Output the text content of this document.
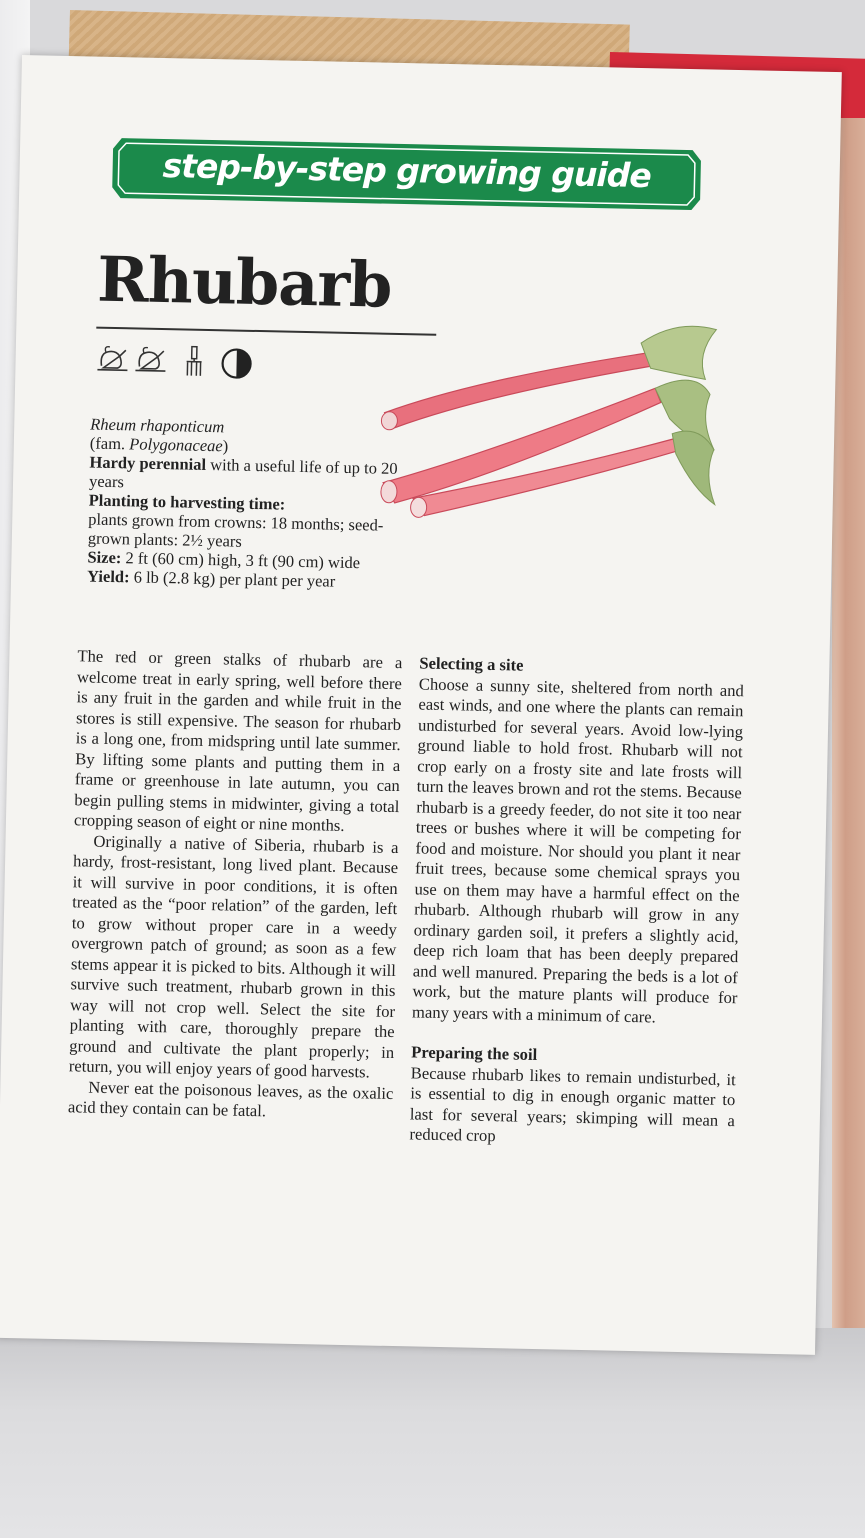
step-by-step growing guide
Rhubarb
Rheum rhaponticum
(fam. Polygonaceae)
Hardy perennial with a useful life of up to 20 years
Planting to harvesting time:
plants grown from crowns: 18 months; seed-grown plants: 2½ years
Size: 2 ft (60 cm) high, 3 ft (90 cm) wide
Yield: 6 lb (2.8 kg) per plant per year

The red or green stalks of rhubarb are a welcome treat in early spring, well before there is any fruit in the garden and while fruit in the stores is still expensive. The season for rhubarb is a long one, from midspring until late summer. By lifting some plants and putting them in a frame or greenhouse in late autumn, you can begin pulling stems in midwinter, giving a total cropping season of eight or nine months.

Originally a native of Siberia, rhubarb is a hardy, frost-resistant, long lived plant. Because it will survive in poor conditions, it is often treated as the “poor relation” of the garden, left to grow without proper care in a weedy overgrown patch of ground; as soon as a few stems appear it is picked to bits. Although it will survive such treatment, rhubarb grown in this way will not crop well. Select the site for planting with care, thoroughly prepare the ground and cultivate the plant properly; in return, you will enjoy years of good harvests.

Never eat the poisonous leaves, as the oxalic acid they contain can be fatal.

Selecting a site

Choose a sunny site, sheltered from north and east winds, and one where the plants can remain undisturbed for several years. Avoid low-lying ground liable to hold frost. Rhubarb will not crop early on a frosty site and late frosts will turn the leaves brown and rot the stems. Because rhubarb is a greedy feeder, do not site it too near trees or bushes where it will be competing for food and moisture. Nor should you plant it near fruit trees, because some chemical sprays you use on them may have a harmful effect on the rhubarb. Although rhubarb will grow in any ordinary garden soil, it prefers a slightly acid, deep rich loam that has been deeply prepared and well manured. Preparing the beds is a lot of work, but the mature plants will produce for many years with a minimum of care.

Preparing the soil

Because rhubarb likes to remain undisturbed, it is essential to dig in enough organic matter to last for several years; skimping will mean a reduced crop
